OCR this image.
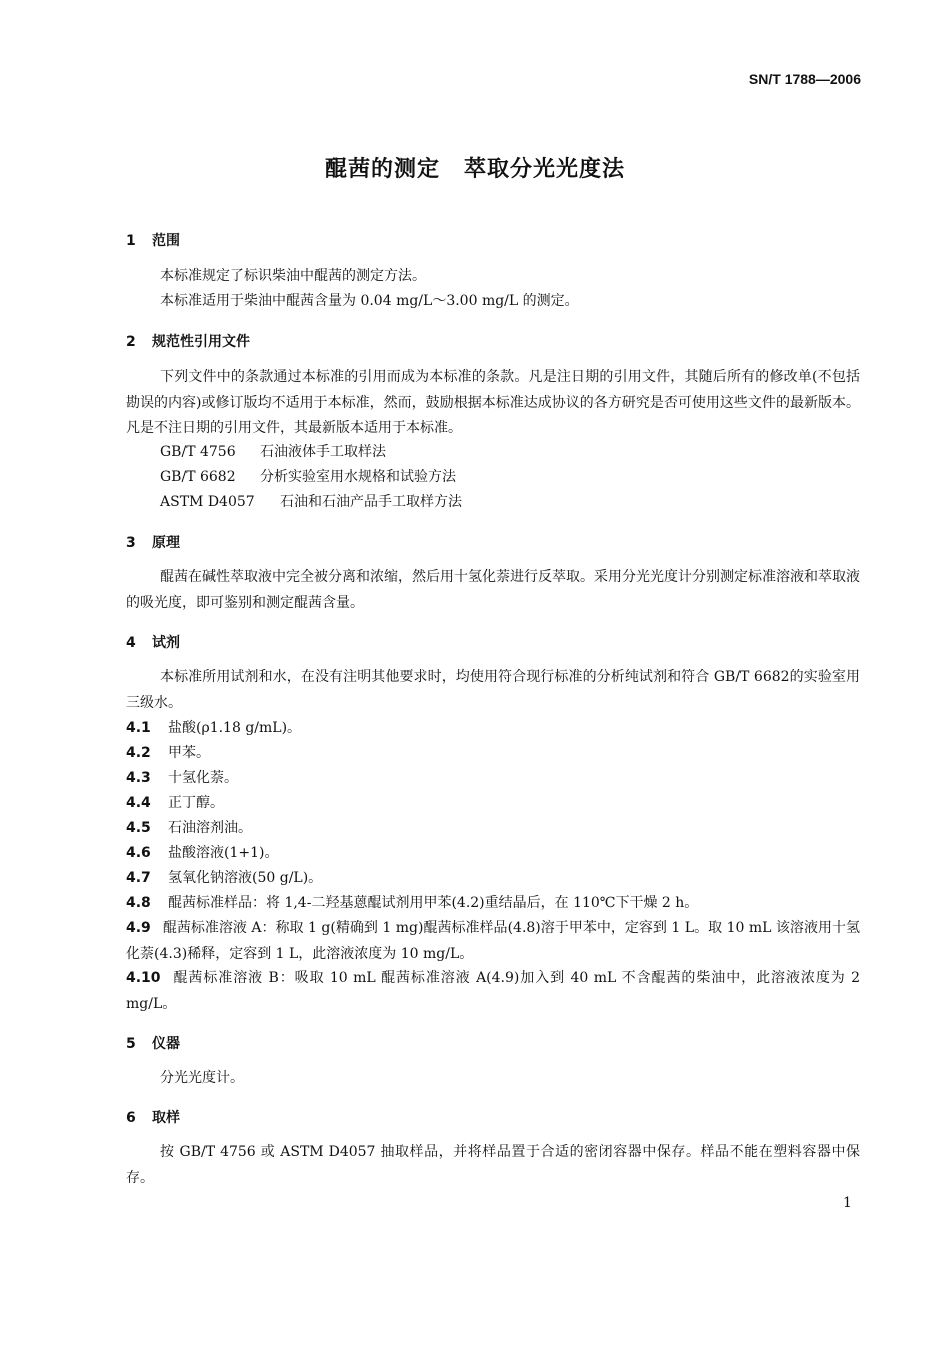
SN/T 1788—2006
醌茜的测定 萃取分光光度法
1 范围
本标准规定了标识柴油中醌茜的测定方法。
本标准适用于柴油中醌茜含量为 0.04 mg/L～3.00 mg/L 的测定。
2 规范性引用文件
下列文件中的条款通过本标准的引用而成为本标准的条款。凡是注日期的引用文件，其随后所有的修改单(不包括勘误的内容)或修订版均不适用于本标准，然而，鼓励根据本标准达成协议的各方研究是否可使用这些文件的最新版本。凡是不注日期的引用文件，其最新版本适用于本标准。
GB/T 4756 石油液体手工取样法
GB/T 6682 分析实验室用水规格和试验方法
ASTM D4057 石油和石油产品手工取样方法
3 原理
醌茜在碱性萃取液中完全被分离和浓缩，然后用十氢化萘进行反萃取。采用分光光度计分别测定标准溶液和萃取液的吸光度，即可鉴别和测定醌茜含量。
4 试剂
本标准所用试剂和水，在没有注明其他要求时，均使用符合现行标准的分析纯试剂和符合 GB/T 6682的实验室用三级水。
4.1 盐酸(ρ1.18 g/mL)。
4.2 甲苯。
4.3 十氢化萘。
4.4 正丁醇。
4.5 石油溶剂油。
4.6 盐酸溶液(1+1)。
4.7 氢氧化钠溶液(50 g/L)。
4.8 醌茜标准样品：将 1,4-二羟基蒽醌试剂用甲苯(4.2)重结晶后，在 110℃下干燥 2 h。
4.9 醌茜标准溶液 A：称取 1 g(精确到 1 mg)醌茜标准样品(4.8)溶于甲苯中，定容到 1 L。取 10 mL 该溶液用十氢化萘(4.3)稀释，定容到 1 L，此溶液浓度为 10 mg/L。
4.10 醌茜标准溶液 B：吸取 10 mL 醌茜标准溶液 A(4.9)加入到 40 mL 不含醌茜的柴油中，此溶液浓度为 2 mg/L。
5 仪器
分光光度计。
6 取样
按 GB/T 4756 或 ASTM D4057 抽取样品，并将样品置于合适的密闭容器中保存。样品不能在塑料容器中保存。
1
